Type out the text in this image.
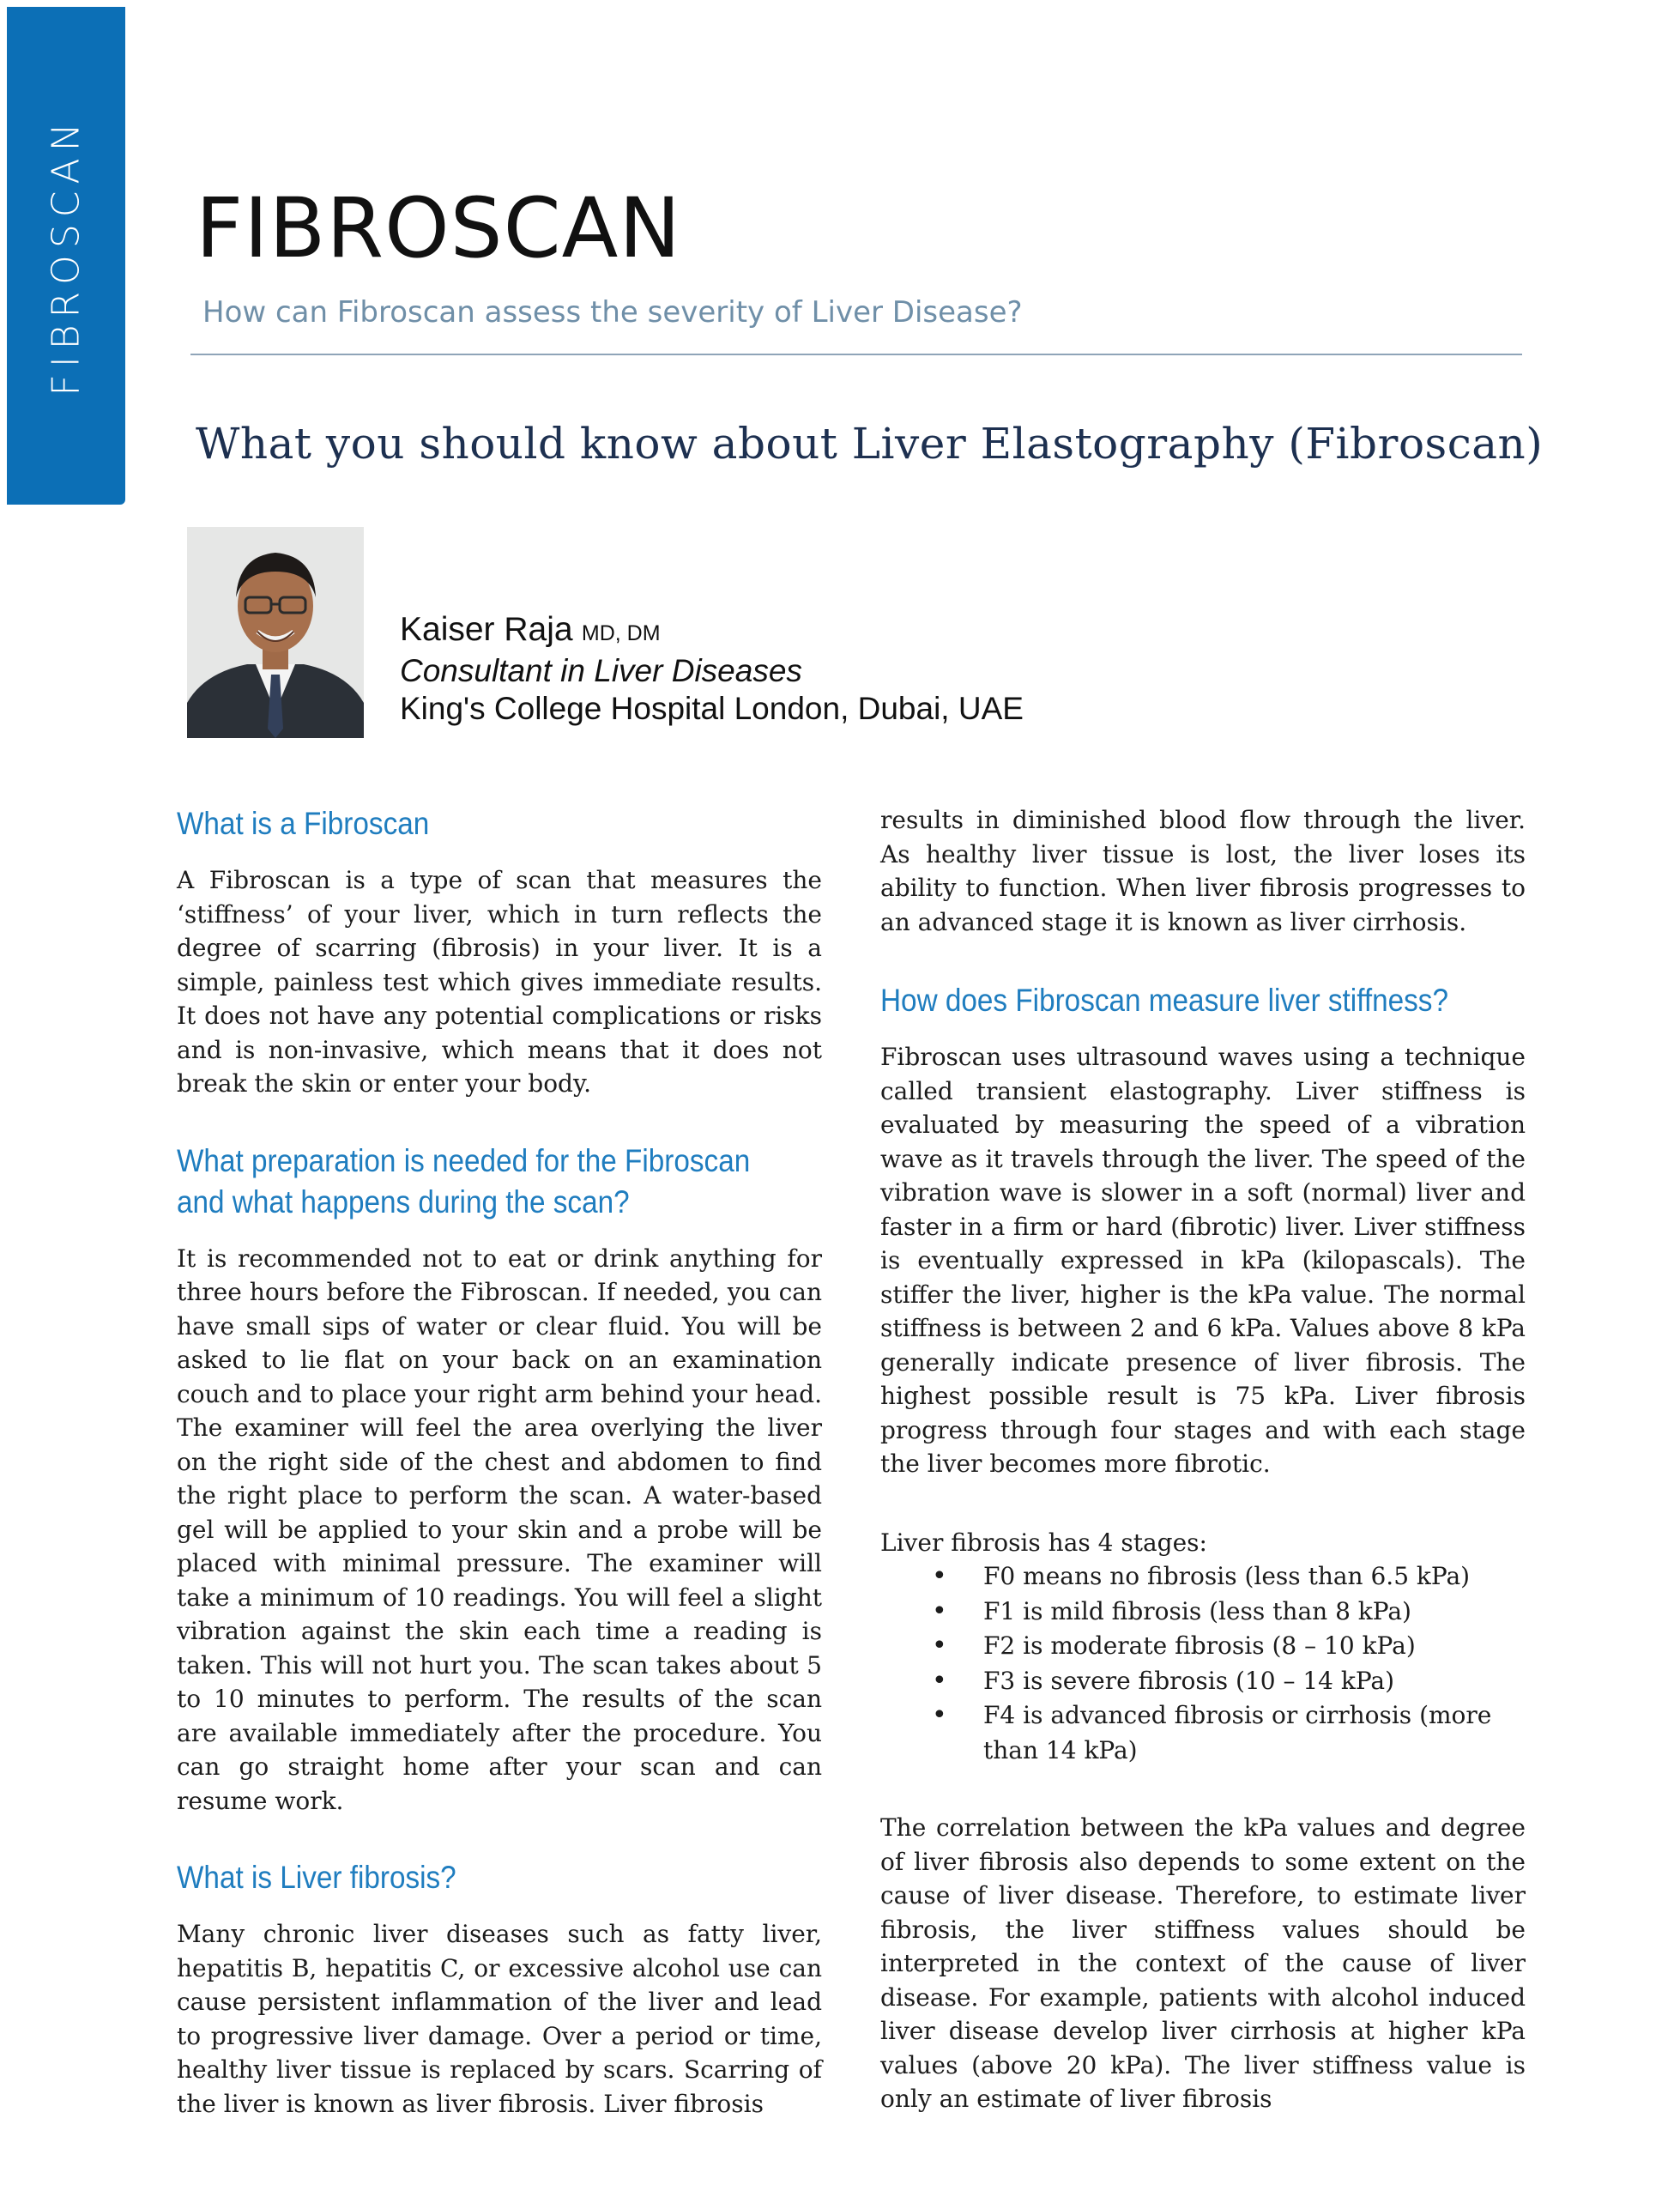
FIBROSCAN FIBROSCAN
How can Fibroscan assess the severity of Liver Disease?
What you should know about Liver Elastography (Fibroscan)
Kaiser Raja MD, DM
Consultant in Liver Diseases
King's College Hospital London, Dubai, UAE
What is a Fibroscan

A Fibroscan is a type of scan that measures the ‘stiffness’ of your liver, which in turn reflects the degree of scarring (fibrosis) in your liver. It is a simple, painless test which gives immediate results. It does not have any potential complications or risks and is non-invasive, which means that it does not break the skin or enter your body.

What preparation is needed for the Fibroscan
and what happens during the scan?

It is recommended not to eat or drink anything for three hours before the Fibroscan. If needed, you can have small sips of water or clear fluid. You will be asked to lie flat on your back on an examination couch and to place your right arm behind your head. The examiner will feel the area overlying the liver on the right side of the chest and abdomen to find the right place to perform the scan. A water-based gel will be applied to your skin and a probe will be placed with minimal pressure. The examiner will take a minimum of 10 readings. You will feel a slight vibration against the skin each time a reading is taken. This will not hurt you. The scan takes about 5 to 10 minutes to perform. The results of the scan are available immediately after the procedure. You can go straight home after your scan and can resume work.

What is Liver fibrosis?

Many chronic liver diseases such as fatty liver, hepatitis B, hepatitis C, or excessive alcohol use can cause persistent inflammation of the liver and lead to progressive liver damage. Over a period or time, healthy liver tissue is replaced by scars. Scarring of the liver is known as liver fibrosis. Liver fibrosis

results in diminished blood flow through the liver. As healthy liver tissue is lost, the liver loses its ability to function. When liver fibrosis progresses to an advanced stage it is known as liver cirrhosis.

How does Fibroscan measure liver stiffness?

Fibroscan uses ultrasound waves using a technique called transient elastography. Liver stiffness is evaluated by measuring the speed of a vibration wave as it travels through the liver. The speed of the vibration wave is slower in a soft (normal) liver and faster in a firm or hard (fibrotic) liver. Liver stiffness is eventually expressed in kPa (kilopascals). The stiffer the liver, higher is the kPa value. The normal stiffness is between 2 and 6 kPa. Values above 8 kPa generally indicate presence of liver fibrosis. The highest possible result is 75 kPa. Liver fibrosis progress through four stages and with each stage the liver becomes more fibrotic.

Liver fibrosis has 4 stages:

• F0 means no fibrosis (less than 6.5 kPa)
• F1 is mild fibrosis (less than 8 kPa)
• F2 is moderate fibrosis (8 – 10 kPa)
• F3 is severe fibrosis (10 – 14 kPa)
• F4 is advanced fibrosis or cirrhosis (more than 14 kPa)

The correlation between the kPa values and degree of liver fibrosis also depends to some extent on the cause of liver disease. Therefore, to estimate liver fibrosis, the liver stiffness values should be interpreted in the context of the cause of liver disease. For example, patients with alcohol induced liver disease develop liver cirrhosis at higher kPa values (above 20 kPa). The liver stiffness value is only an estimate of liver fibrosis
